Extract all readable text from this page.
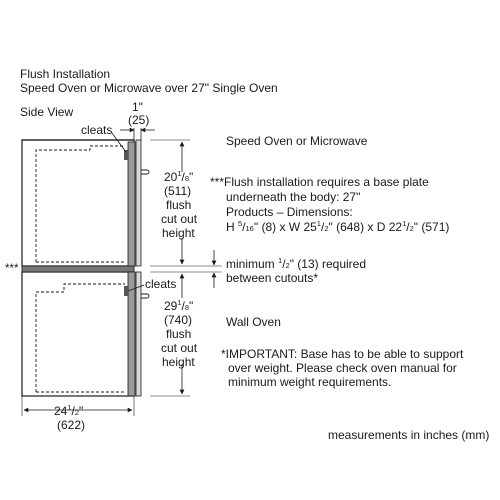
Flush Installation
Speed Oven or Microwave over 27" Single Oven
Side View
cleats
cleats
***
1"
(25)
$20^1/8$"
(511)
flush
cut out
height
$29^1/8$"
(740)
flush
cut out
height
$24^1/2$"
(622)
Speed Oven or Microwave
***Flush installation requires a base plate
underneath the body: 27"
Products – Dimensions:
H $^5$/16" (8) x W $25^1/2$" (648) x D $22^1/2$" (571)
minimum $^1$/2" (13) required
between cutouts*
Wall Oven
*IMPORTANT: Base has to be able to support
over weight. Please check oven manual for
minimum weight requirements.
measurements in inches (mm)
